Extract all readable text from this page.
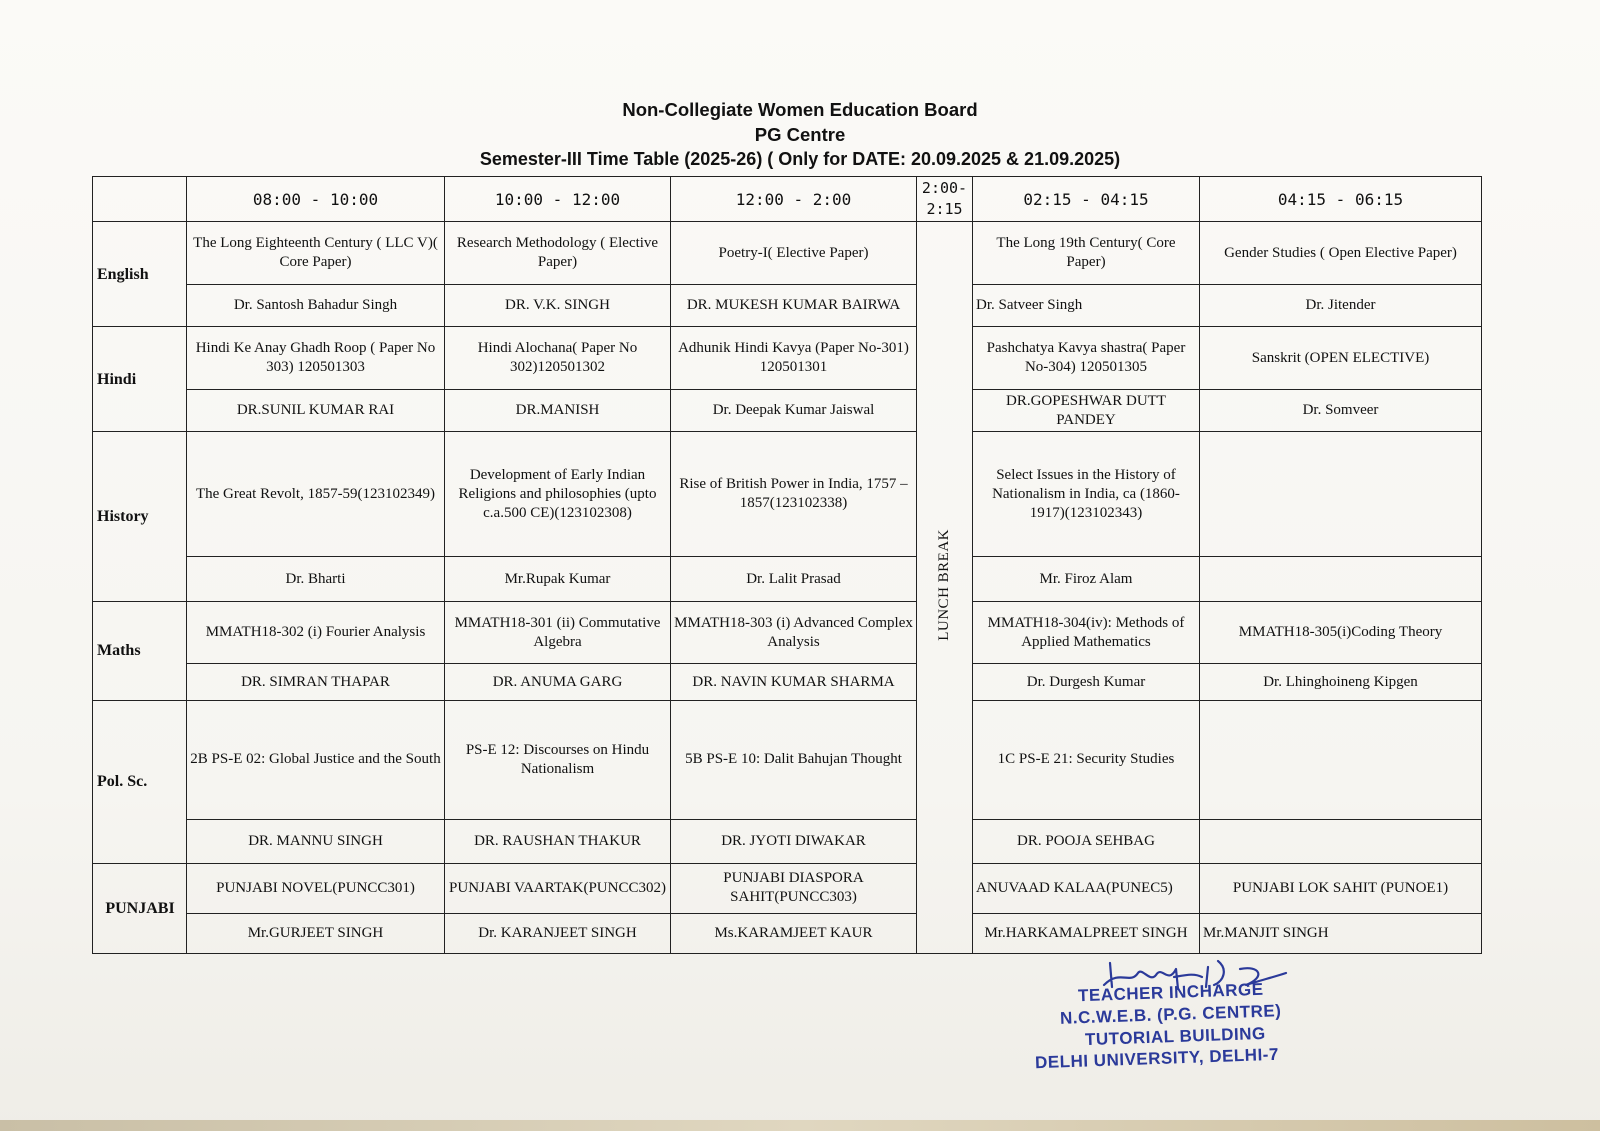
Non-Collegiate Women Education Board
PG Centre
Semester-III Time Table (2025-26) ( Only for DATE: 20.09.2025 & 21.09.2025)
	08:00 - 10:00	10:00 - 12:00	12:00 - 2:00	2:00- 2:15	02:15 - 04:15	04:15 - 06:15
English	The Long Eighteenth Century ( LLC V)( Core Paper)	Research Methodology ( Elective Paper)	Poetry-I( Elective Paper)	LUNCH BREAK	The Long 19th Century( Core Paper)	Gender Studies ( Open Elective Paper)
	Dr. Santosh Bahadur Singh	DR. V.K. SINGH	DR. MUKESH KUMAR BAIRWA		Dr. Satveer Singh	Dr. Jitender
Hindi	Hindi Ke Anay Ghadh Roop ( Paper No 303) 120501303	Hindi Alochana( Paper No 302)120501302	Adhunik Hindi Kavya (Paper No-301) 120501301		Pashchatya Kavya shastra( Paper No-304) 120501305	Sanskrit (OPEN ELECTIVE)
	DR.SUNIL KUMAR RAI	DR.MANISH	Dr. Deepak Kumar Jaiswal		DR.GOPESHWAR DUTT PANDEY	Dr. Somveer
History	The Great Revolt, 1857-59(123102349)	Development of Early Indian Religions and philosophies (upto c.a.500 CE)(123102308)	Rise of British Power in India, 1757 – 1857(123102338)		Select Issues in the History of Nationalism in India, ca (1860-1917)(123102343)	
	Dr. Bharti	Mr.Rupak Kumar	Dr. Lalit Prasad		Mr. Firoz Alam	
Maths	MMATH18-302 (i) Fourier Analysis	MMATH18-301 (ii) Commutative Algebra	MMATH18-303 (i) Advanced Complex Analysis		MMATH18-304(iv): Methods of Applied Mathematics	MMATH18-305(i)Coding Theory
	DR. SIMRAN THAPAR	DR. ANUMA GARG	DR. NAVIN KUMAR SHARMA		Dr. Durgesh Kumar	Dr. Lhinghoineng Kipgen
Pol. Sc.	2B PS-E 02: Global Justice and the South	PS-E 12: Discourses on Hindu Nationalism	5B PS-E 10: Dalit Bahujan Thought		1C PS-E 21: Security Studies	
	DR. MANNU SINGH	DR. RAUSHAN THAKUR	DR. JYOTI DIWAKAR		DR. POOJA SEHBAG	
PUNJABI	PUNJABI NOVEL(PUNCC301)	PUNJABI VAARTAK(PUNCC302)	PUNJABI DIASPORA SAHIT(PUNCC303)		ANUVAAD KALAA(PUNEC5)	PUNJABI LOK SAHIT (PUNOE1)
	Mr.GURJEET SINGH	Dr. KARANJEET SINGH	Ms.KARAMJEET KAUR		Mr.HARKAMALPREET SINGH	Mr.MANJIT SINGH
TEACHER INCHARGE
N.C.W.E.B. (P.G. CENTRE)
TUTORIAL BUILDING
DELHI UNIVERSITY, DELHI-7
